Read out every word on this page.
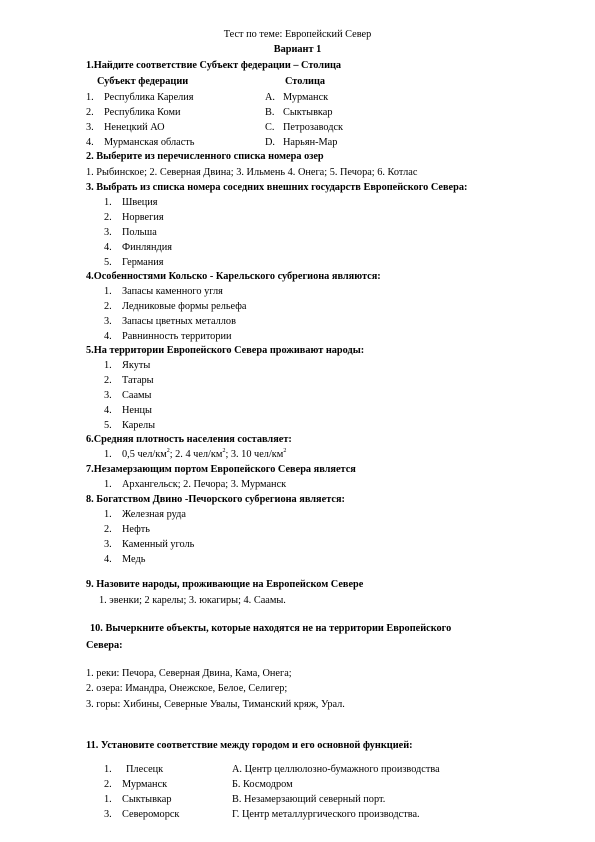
Тест по теме: Европейский Север
Вариант 1
1.Найдите соответствие Субъект федерации – Столица
Субъект федерации	Столица
1. Республика Карелия
2. Республика Коми
3. Ненецкий АО
4. Мурманская область
A. Мурманск
B. Сыктывкар
C. Петрозаводск
D. Нарьян-Мар
2. Выберите из перечисленного списка номера озер
1. Рыбинское; 2. Северная Двина; 3. Ильмень 4. Онега; 5. Печора; 6. Котлас
3. Выбрать из списка номера соседних внешних государств Европейского Севера:
1. Швеция
2. Норвегия
3. Польша
4. Финляндия
5. Германия
4.Особенностями Кольско - Карельского субрегиона являются:
1. Запасы каменного угля
2. Ледниковые формы рельефа
3. Запасы цветных металлов
4. Равнинность территории
5.На территории Европейского Севера проживают народы:
1. Якуты
2. Татары
3. Саамы
4. Ненцы
5. Карелы
6.Средняя плотность населения составляет:
1. 0,5 чел/$км^2$; 2. 4 чел/$км^2$; 3. 10 чел/$км^2$
7.Незамерзающим портом Европейского Севера является
1. Архангельск; 2. Печора; 3. Мурманск
8. Богатством Двино -Печорского субрегиона является:
1. Железная руда
2. Нефть
3. Каменный уголь
4. Медь
9. Назовите народы, проживающие на Европейском Севере
1. эвенки; 2 карелы; 3. юкагиры; 4. Саамы.
10. Вычеркните объекты, которые находятся не на территории Европейского
Севера:
1. реки: Печора, Северная Двина, Кама, Онега;
2. озера: Имандра, Онежское, Белое, Селигер;
3. горы: Хибины, Северные Увалы, Тиманский кряж, Урал.
11. Установите соответствие между городом и его основной функцией:
1. Плесецк
2. Мурманск
1. Сыктывкар
3. Североморск
А. Центр целлюлозно-бумажного производства
Б. Космодром
В. Незамерзающий северный порт.
Г. Центр металлургического производства.
